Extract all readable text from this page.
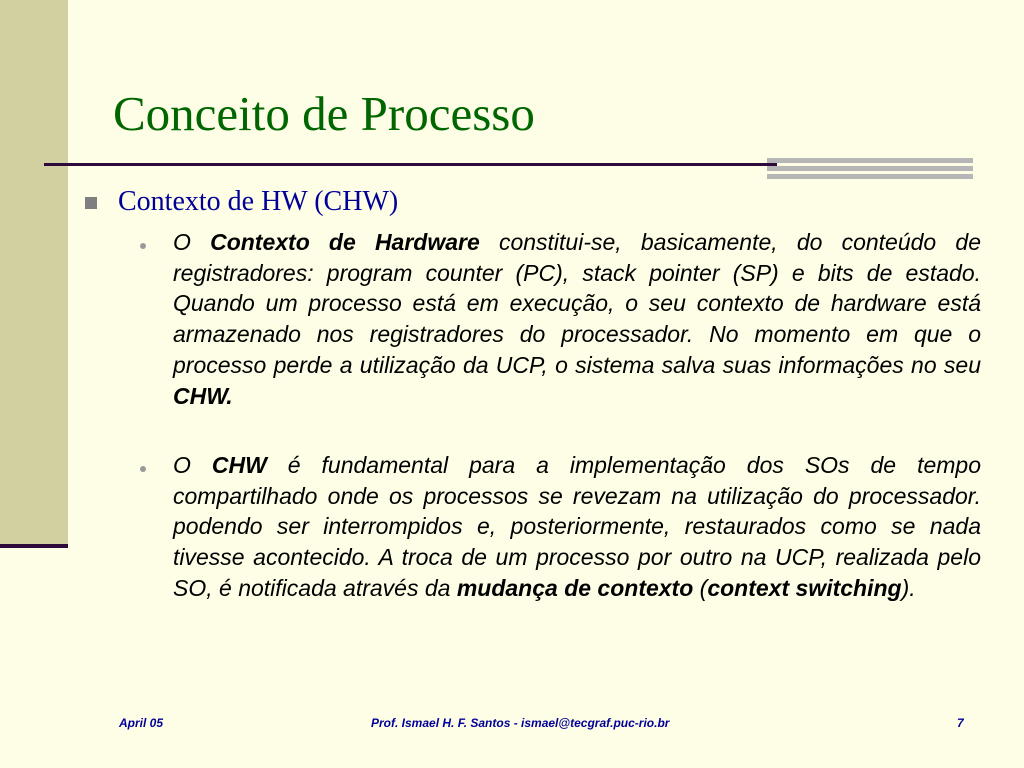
Conceito de Processo
Contexto de HW (CHW)
O Contexto de Hardware constitui-se, basicamente, do conteúdo de registradores: program counter (PC), stack pointer (SP) e bits de estado. Quando um processo está em execução, o seu contexto de hardware está armazenado nos registradores do processador. No momento em que o processo perde a utilização da UCP, o sistema salva suas informações no seu CHW.
O CHW é fundamental para a implementação dos SOs de tempo compartilhado onde os processos se revezam na utilização do processador. podendo ser interrompidos e, posteriormente, restaurados como se nada tivesse acontecido. A troca de um processo por outro na UCP, realizada pelo SO, é notificada através da mudança de contexto (context switching).
April 05	Prof. Ismael H. F. Santos - ismael@tecgraf.puc-rio.br	7
